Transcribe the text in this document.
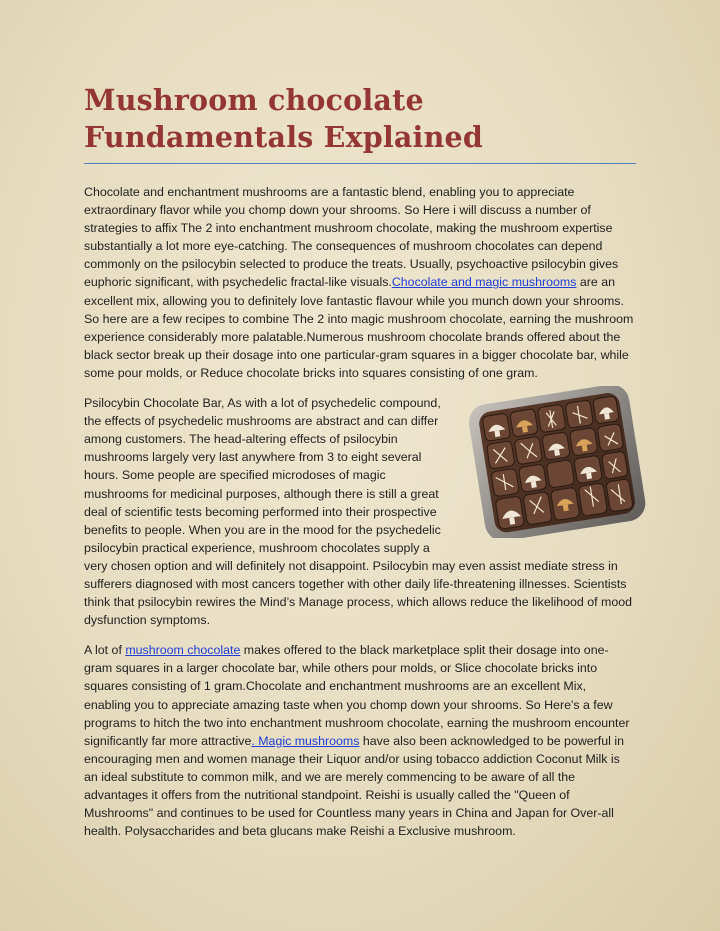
Mushroom chocolate Fundamentals Explained

Chocolate and enchantment mushrooms are a fantastic blend, enabling you to appreciate extraordinary flavor while you chomp down your shrooms. So Here i will discuss a number of strategies to affix The 2 into enchantment mushroom chocolate, making the mushroom expertise substantially a lot more eye-catching. The consequences of mushroom chocolates can depend commonly on the psilocybin selected to produce the treats. Usually, psychoactive psilocybin gives euphoric significant, with psychedelic fractal-like visuals.Chocolate and magic mushrooms are an excellent mix, allowing you to definitely love fantastic flavour while you munch down your shrooms. So here are a few recipes to combine The 2 into magic mushroom chocolate, earning the mushroom experience considerably more palatable.Numerous mushroom chocolate brands offered about the black sector break up their dosage into one particular-gram squares in a bigger chocolate bar, while some pour molds, or Reduce chocolate bricks into squares consisting of one gram.

Psilocybin Chocolate Bar, As with a lot of psychedelic compound, the effects of psychedelic mushrooms are abstract and can differ among customers. The head-altering effects of psilocybin mushrooms largely very last anywhere from 3 to eight several hours. Some people are specified microdoses of magic mushrooms for medicinal purposes, although there is still a great deal of scientific tests becoming performed into their prospective benefits to people. When you are in the mood for the psychedelic psilocybin practical experience, mushroom chocolates supply a very chosen option and will definitely not disappoint. Psilocybin may even assist mediate stress in sufferers diagnosed with most cancers together with other daily life-threatening illnesses. Scientists think that psilocybin rewires the Mind’s Manage process, which allows reduce the likelihood of mood dysfunction symptoms.

A lot of mushroom chocolate makes offered to the black marketplace split their dosage into one-gram squares in a larger chocolate bar, while others pour molds, or Slice chocolate bricks into squares consisting of 1 gram.Chocolate and enchantment mushrooms are an excellent Mix, enabling you to appreciate amazing taste when you chomp down your shrooms. So Here's a few programs to hitch the two into enchantment mushroom chocolate, earning the mushroom encounter significantly far more attractive. Magic mushrooms have also been acknowledged to be powerful in encouraging men and women manage their Liquor and/or using tobacco addiction Coconut Milk is an ideal substitute to common milk, and we are merely commencing to be aware of all the advantages it offers from the nutritional standpoint. Reishi is usually called the "Queen of Mushrooms" and continues to be used for Countless many years in China and Japan for Over-all health. Polysaccharides and beta glucans make Reishi a Exclusive mushroom.
